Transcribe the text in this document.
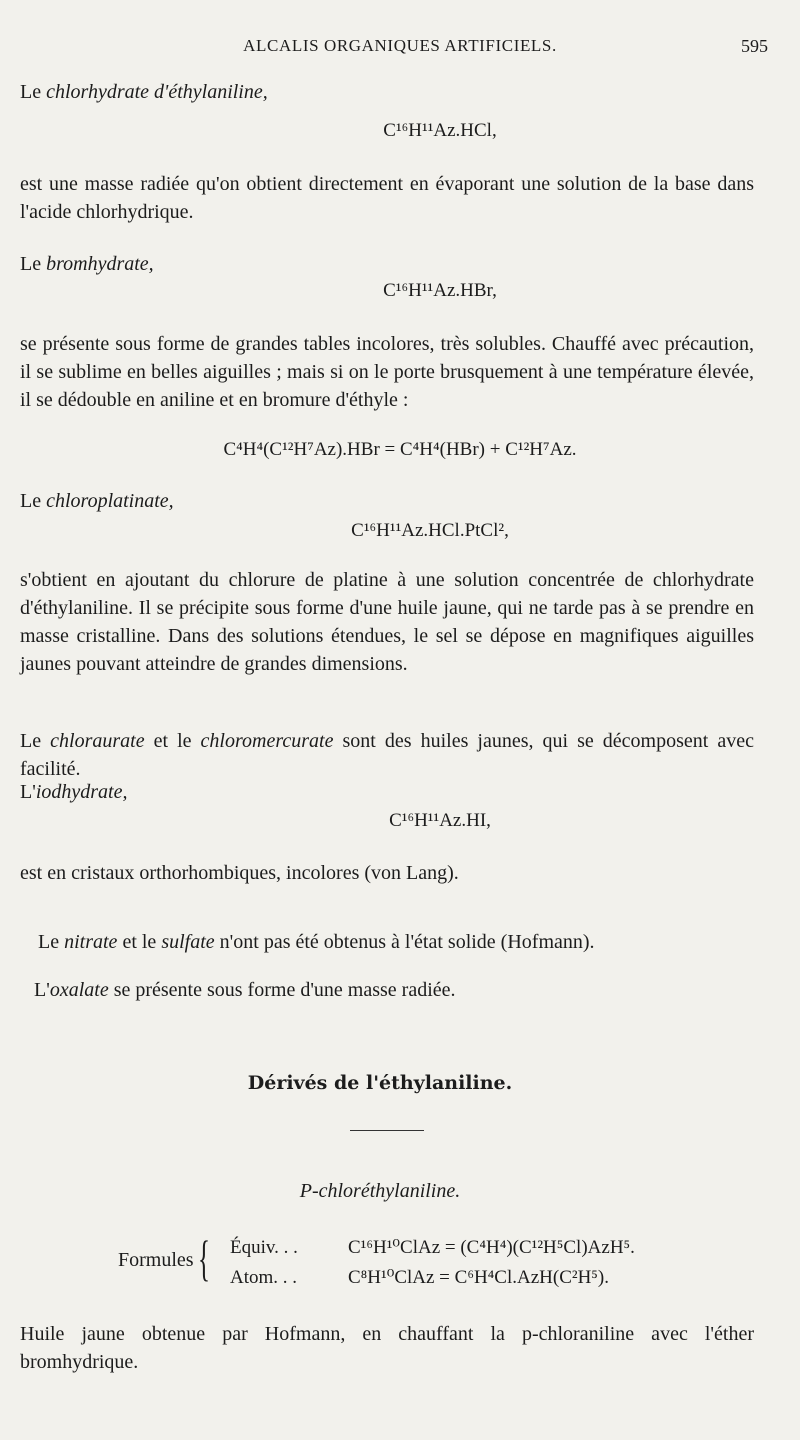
ALCALIS ORGANIQUES ARTIFICIELS.	595
Le chlorhydrate d'éthylaniline,
C¹⁶H¹¹Az.HCl,
est une masse radiée qu'on obtient directement en évaporant une solution de la base dans l'acide chlorhydrique.
Le bromhydrate,
C¹⁶H¹¹Az.HBr,
se présente sous forme de grandes tables incolores, très solubles. Chauffé avec précaution, il se sublime en belles aiguilles ; mais si on le porte brusquement à une température élevée, il se dédouble en aniline et en bromure d'éthyle :
C⁴H⁴(C¹²H⁷Az).HBr = C⁴H⁴(HBr) + C¹²H⁷Az.
Le chloroplatinate,
C¹⁶H¹¹Az.HCl.PtCl²,
s'obtient en ajoutant du chlorure de platine à une solution concentrée de chlorhydrate d'éthylaniline. Il se précipite sous forme d'une huile jaune, qui ne tarde pas à se prendre en masse cristalline. Dans des solutions étendues, le sel se dépose en magnifiques aiguilles jaunes pouvant atteindre de grandes dimensions.
Le chloraurate et le chloromercurate sont des huiles jaunes, qui se décomposent avec facilité.
L'iodhydrate,
C¹⁶H¹¹Az.HI,
est en cristaux orthorhombiques, incolores (von Lang).
Le nitrate et le sulfate n'ont pas été obtenus à l'état solide (Hofmann).
L'oxalate se présente sous forme d'une masse radiée.
Dérivés de l'éthylaniline.
P-chloréthylaniline.
Formules { Équiv. . .	C¹⁶H¹⁰ClAz = (C⁴H⁴)(C¹²H⁵Cl)AzH⁵.
Atom. . .	C⁸H¹⁰ClAz = C⁶H⁴Cl.AzH(C²H⁵).
Huile jaune obtenue par Hofmann, en chauffant la p-chloraniline avec l'éther bromhydrique.
